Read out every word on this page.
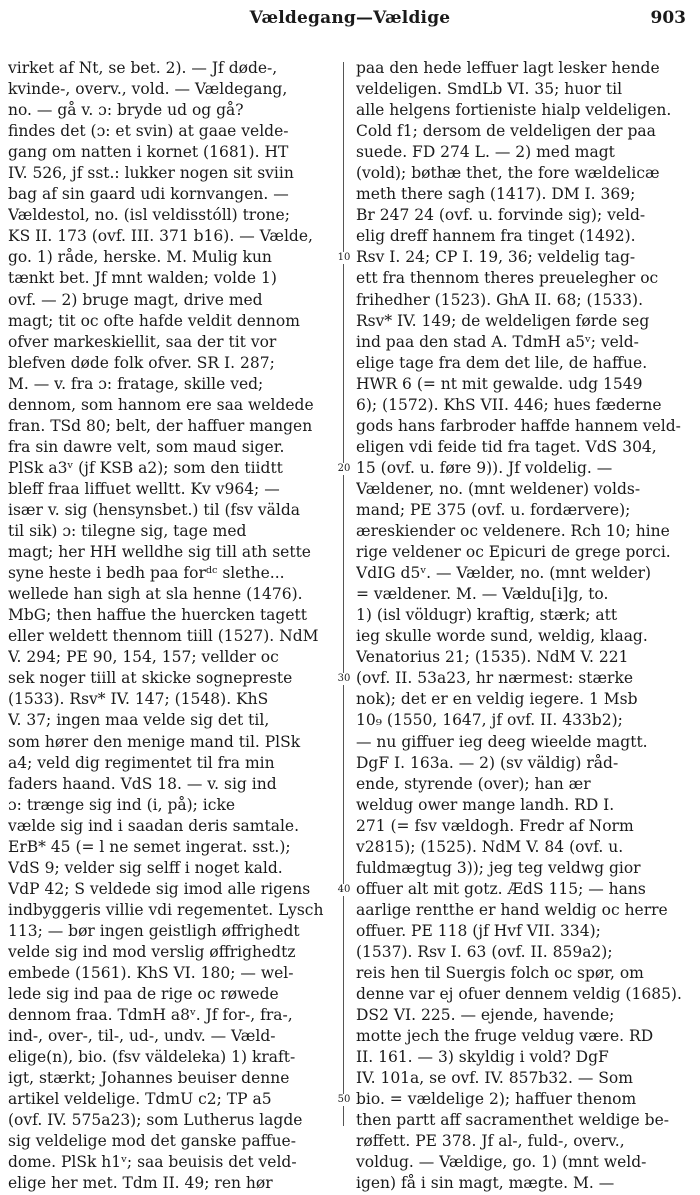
Vældegang—Vældige	903
virket af Nt, se bet. 2). — Jf døde-,
kvinde-, overv., vold. — Vældegang,
no. — gå v. ɔ: bryde ud og gå?
findes det (ɔ: et svin) at gaae velde-
gang om natten i kornet (1681). HT
IV. 526, jf sst.: lukker nogen sit sviin
bag af sin gaard udi kornvangen. —
Vældestol, no. (isl veldisstóll) trone;
KS II. 173 (ovf. III. 371 b16). — Vælde,
go. 1) råde, herske. M. Mulig kun
tænkt bet. Jf mnt walden; volde 1)
ovf. — 2) bruge magt, drive med
magt; tit oc ofte hafde veldit dennom
ofver markeskiellit, saa der tit vor
blefven døde folk ofver. SR I. 287;
M. — v. fra ɔ: fratage, skille ved;
dennom, som hannom ere saa weldede
fran. TSd 80; belt, der haffuer mangen
fra sin dawre velt, som maud siger.
PlSk a3ᵛ (jf KSB a2); som den tiidtt
bleff fraa liffuet welltt. Kv v964; —
især v. sig (hensynsbet.) til (fsv välda
til sik) ɔ: tilegne sig, tage med
magt; her HH welldhe sig till ath sette
syne heste i bedh paa forᵈᶜ slethe...
wellede han sigh at sla henne (1476).
MbG; then haffue the huercken tagett
eller weldett thennom tiill (1527). NdM
V. 294; PE 90, 154, 157; vellder oc
sek noger tiill at skicke sognepreste
(1533). Rsv* IV. 147; (1548). KhS
V. 37; ingen maa velde sig det til,
som hører den menige mand til. PlSk
a4; veld dig regimentet til fra min
faders haand. VdS 18. — v. sig ind
ɔ: trænge sig ind (i, på); icke
vælde sig ind i saadan deris samtale.
ErB* 45 (= l ne semet ingerat. sst.);
VdS 9; velder sig selff i noget kald.
VdP 42; S veldede sig imod alle rigens
indbyggeris villie vdi regementet. Lysch
113; — bør ingen geistligh øffrighedt
velde sig ind mod verslig øffrighedtz
embede (1561). KhS VI. 180; — wel-
lede sig ind paa de rige oc røwede
dennom fraa. TdmH a8ᵛ. Jf for-, fra-,
ind-, over-, til-, ud-, undv. — Væld-
elige(n), bio. (fsv väldeleka) 1) kraft-
igt, stærkt; Johannes beuiser denne
artikel veldelige. TdmU c2; TP a5
(ovf. IV. 575a23); som Lutherus lagde
sig veldelige mod det ganske paffue-
dome. PlSk h1ᵛ; saa beuisis det veld-
elige her met. Tdm II. 49; ren hør
paa den hede leffuer lagt lesker hende
veldeligen. SmdLb VI. 35; huor til
alle helgens fortieniste hialp veldeligen.
Cold f1; dersom de veldeligen der paa
suede. FD 274 L. — 2) med magt
(vold); bøthæ thet, the fore wældelicæ
meth there sagh (1417). DM I. 369;
Br 247 24 (ovf. u. forvinde sig); veld-
elig dreff hannem fra tinget (1492).
Rsv I. 24; CP I. 19, 36; veldelig tag-
ett fra thennom theres preuelegher oc
frihedher (1523). GhA II. 68; (1533).
Rsv* IV. 149; de weldeligen førde seg
ind paa den stad A. TdmH a5ᵛ; veld-
elige tage fra dem det lile, de haffue.
HWR 6 (= nt mit gewalde. udg 1549
6); (1572). KhS VII. 446; hues fæderne
gods hans farbroder haffde hannem veld-
eligen vdi feide tid fra taget. VdS 304,
15 (ovf. u. føre 9)). Jf voldelig. —
Vældener, no. (mnt weldener) volds-
mand; PE 375 (ovf. u. fordærvere);
æreskiender oc veldenere. Rch 10; hine
rige veldener oc Epicuri de grege porci.
VdIG d5ᵛ. — Vælder, no. (mnt welder)
= vældener. M. — Vældu[i]g, to.
1) (isl völdugr) kraftig, stærk; att
ieg skulle worde sund, weldig, klaag.
Venatorius 21; (1535). NdM V. 221
(ovf. II. 53a23, hr nærmest: stærke
nok); det er en veldig iegere. 1 Msb
10₉ (1550, 1647, jf ovf. II. 433b2);
— nu giffuer ieg deeg wieelde magtt.
DgF I. 163a. — 2) (sv väldig) råd-
ende, styrende (over); han ær
weldug ower mange landh. RD I.
271 (= fsv vældogh. Fredr af Norm
v2815); (1525). NdM V. 84 (ovf. u.
fuldmægtug 3)); jeg teg veldwg gior
offuer alt mit gotz. ÆdS 115; — hans
aarlige rentthe er hand weldig oc herre
offuer. PE 118 (jf Hvf VII. 334);
(1537). Rsv I. 63 (ovf. II. 859a2);
reis hen til Suergis folch oc spør, om
denne var ej ofuer dennem veldig (1685).
DS2 VI. 225. — ejende, havende;
motte jech the fruge veldug være. RD
II. 161. — 3) skyldig i vold? DgF
IV. 101a, se ovf. IV. 857b32. — Som
bio. = vældelige 2); haffuer thenom
then partt aff sacramenthet weldige be-
røffett. PE 378. Jf al-, fuld-, overv.,
voldug. — Vældige, go. 1) (mnt weld-
igen) få i sin magt, mægte. M. —
10
20
30
40
50
